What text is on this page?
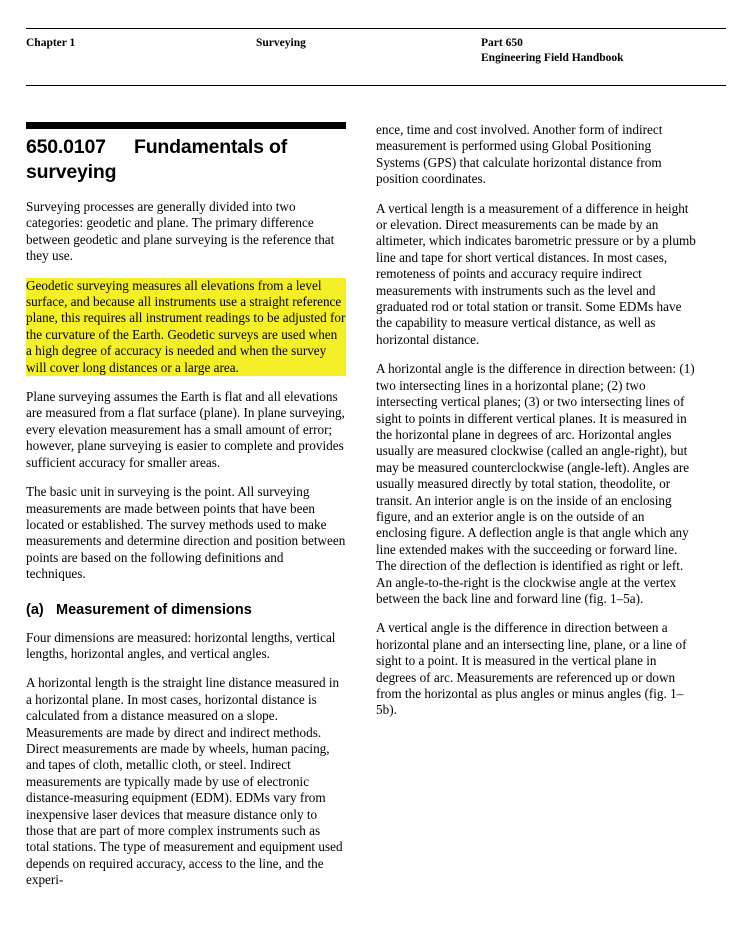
Chapter 1	Surveying	Part 650
Engineering Field Handbook
650.0107 Fundamentals of surveying

Surveying processes are generally divided into two categories: geodetic and plane. The primary difference between geodetic and plane surveying is the reference that they use.

Geodetic surveying measures all elevations from a level surface, and because all instruments use a straight reference plane, this requires all instrument readings to be adjusted for the curvature of the Earth. Geodetic surveys are used when a high degree of accuracy is needed and when the survey will cover long distances or a large area.

Plane surveying assumes the Earth is flat and all elevations are measured from a flat surface (plane). In plane surveying, every elevation measurement has a small amount of error; however, plane surveying is easier to complete and provides sufficient accuracy for smaller areas.

The basic unit in surveying is the point. All surveying measurements are made between points that have been located or established. The survey methods used to make measurements and determine direction and position between points are based on the following definitions and techniques.

(a) Measurement of dimensions

Four dimensions are measured: horizontal lengths, vertical lengths, horizontal angles, and vertical angles.

A horizontal length is the straight line distance measured in a horizontal plane. In most cases, horizontal distance is calculated from a distance measured on a slope. Measurements are made by direct and indirect methods. Direct measurements are made by wheels, human pacing, and tapes of cloth, metallic cloth, or steel. Indirect measurements are typically made by use of electronic distance-measuring equipment (EDM). EDMs vary from inexpensive laser devices that measure distance only to those that are part of more complex instruments such as total stations. The type of measurement and equipment used depends on required accuracy, access to the line, and the experi-

ence, time and cost involved. Another form of indirect measurement is performed using Global Positioning Systems (GPS) that calculate horizontal distance from position coordinates.

A vertical length is a measurement of a difference in height or elevation. Direct measurements can be made by an altimeter, which indicates barometric pressure or by a plumb line and tape for short vertical distances. In most cases, remoteness of points and accuracy require indirect measurements with instruments such as the level and graduated rod or total station or transit. Some EDMs have the capability to measure vertical distance, as well as horizontal distance.

A horizontal angle is the difference in direction between: (1) two intersecting lines in a horizontal plane; (2) two intersecting vertical planes; (3) or two intersecting lines of sight to points in different vertical planes. It is measured in the horizontal plane in degrees of arc. Horizontal angles usually are measured clockwise (called an angle-right), but may be measured counterclockwise (angle-left). Angles are usually measured directly by total station, theodolite, or transit. An interior angle is on the inside of an enclosing figure, and an exterior angle is on the outside of an enclosing figure. A deflection angle is that angle which any line extended makes with the succeeding or forward line. The direction of the deflection is identified as right or left. An angle-to-the-right is the clockwise angle at the vertex between the back line and forward line (fig. 1–5a).

A vertical angle is the difference in direction between a horizontal plane and an intersecting line, plane, or a line of sight to a point. It is measured in the vertical plane in degrees of arc. Measurements are referenced up or down from the horizontal as plus angles or minus angles (fig. 1–5b).
